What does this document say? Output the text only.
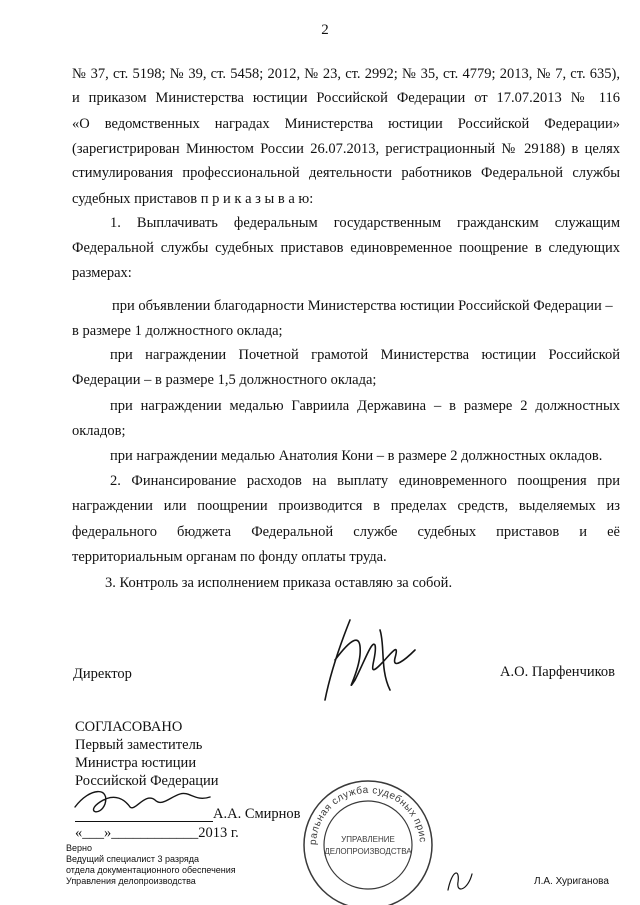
2
№ 37, ст. 5198; № 39, ст. 5458; 2012, № 23, ст. 2992; № 35, ст. 4779; 2013, № 7, ст. 635),
и приказом Министерства юстиции Российской Федерации от 17.07.2013 № 116
«О ведомственных наградах Министерства юстиции Российской Федерации»
(зарегистрирован Минюстом России 26.07.2013, регистрационный № 29188) в целях
стимулирования профессиональной деятельности работников Федеральной службы
судебных приставов п р и к а з ы в а ю:
1. Выплачивать федеральным государственным гражданским служащим
Федеральной службы судебных приставов единовременное поощрение в следующих
размерах:
при объявлении благодарности Министерства юстиции Российской Федерации –
в размере 1 должностного оклада;
при награждении Почетной грамотой Министерства юстиции Российской
Федерации – в размере 1,5 должностного оклада;
при награждении медалью Гавриила Державина – в размере 2 должностных
окладов;
при награждении медалью Анатолия Кони – в размере 2 должностных окладов.
2. Финансирование расходов на выплату единовременного поощрения при
награждении или поощрении производится в пределах средств, выделяемых из
федерального бюджета Федеральной службе судебных приставов и её
территориальным органам по фонду оплаты труда.
3. Контроль за исполнением приказа оставляю за собой.
Директор	А.О. Парфенчиков
СОГЛАСОВАНО
Первый заместитель
Министра юстиции
Российской Федерации
А.А. Смирнов
«___»____________2013 г.
Верно
Ведущий специалист 3 разряда
отдела документационного обеспечения
Управления делопроизводства	Л.А. Хуриганова
Федеральная служба судебных приставов
УПРАВЛЕНИЕ
ДЕЛОПРОИЗВОДСТВА
